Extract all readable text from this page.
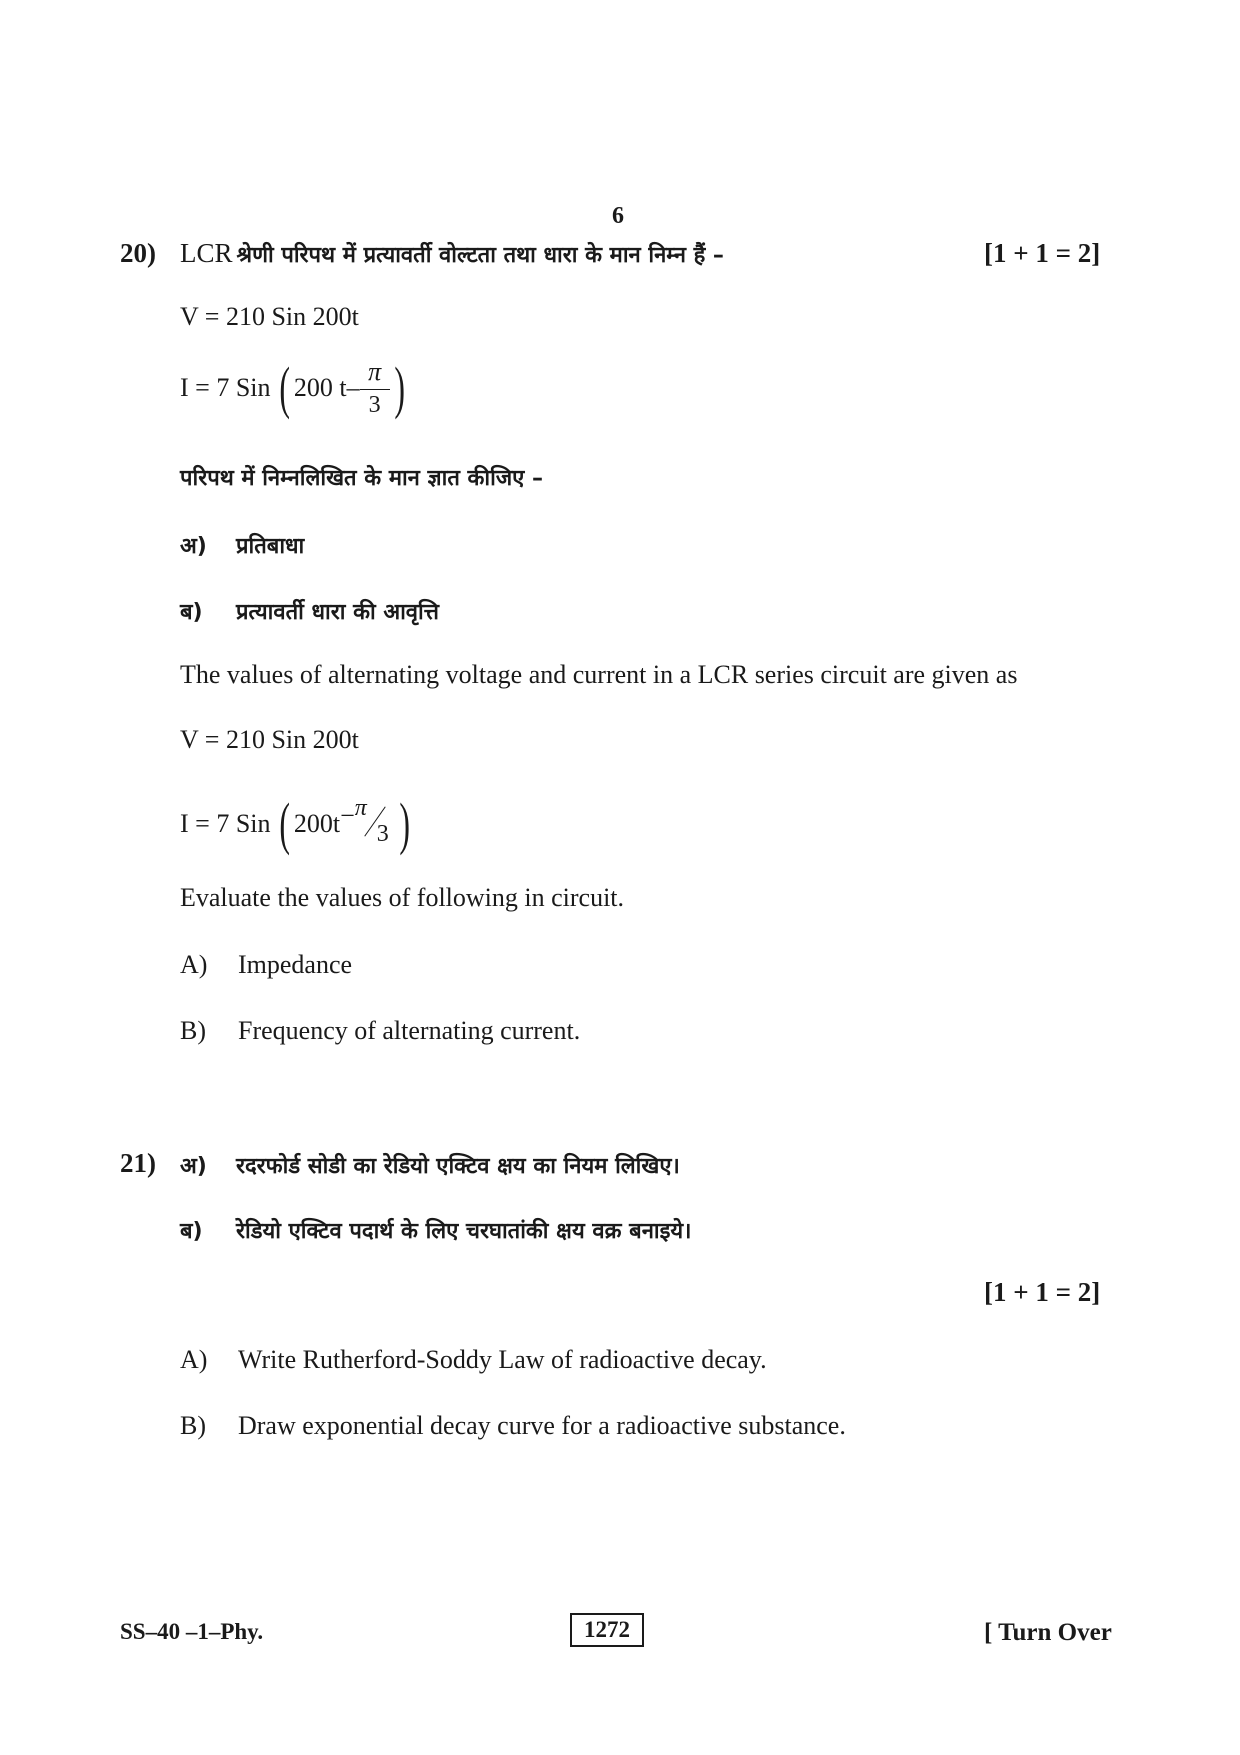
6
20) LCR श्रेणी परिपथ में प्रत्यावर्ती वोल्टता तथा धारा के मान निम्न हैं –	[1 + 1 = 2]
V = 210 Sin 200t
I = 7 Sin ( 200 $t- \frac{\pi}{3}$ )
परिपथ में निम्नलिखित के मान ज्ञात कीजिए –
अ) प्रतिबाधा
ब) प्रत्यावर्ती धारा की आवृत्ति
The values of alternating voltage and current in a LCR series circuit are given as
V = 210 Sin 200t
I = 7 Sin ( 200t − π
3 )
Evaluate the values of following in circuit.
A) Impedance
B) Frequency of alternating current.
21) अ) रदरफोर्ड सोडी का रेडियो एक्टिव क्षय का नियम लिखिए।
ब) रेडियो एक्टिव पदार्थ के लिए चरघातांकी क्षय वक्र बनाइये।
[1 + 1 = 2]
A) Write Rutherford-Soddy Law of radioactive decay.
B) Draw exponential decay curve for a radioactive substance.
SS–40 –1–Phy.	1272	[ Turn Over
